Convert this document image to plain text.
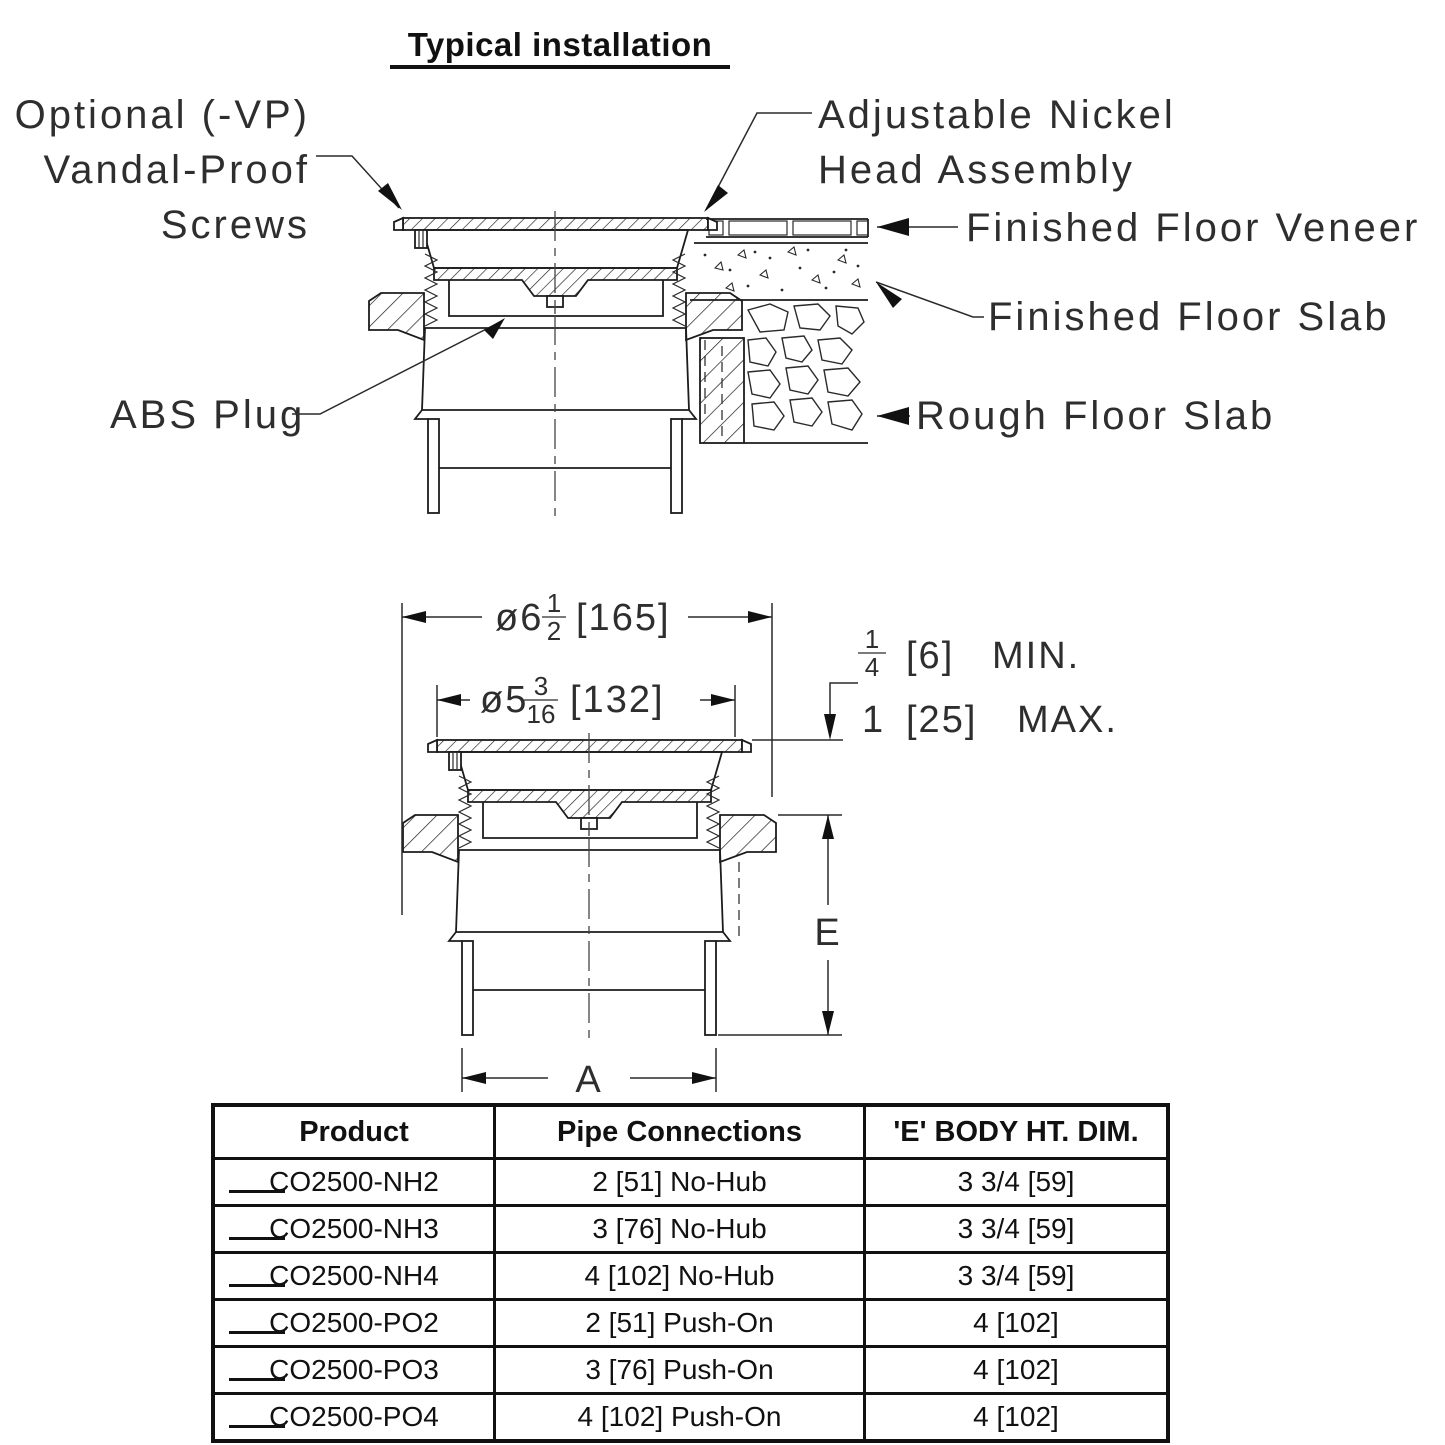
Typical installation
Optional (-VP)
Vandal-Proof
Screws
Adjustable Nickel
Head Assembly
Finished Floor Veneer
Finished Floor Slab
Rough Floor Slab
ABS Plug
ø6 1
2 [165]
ø5 3
16 [132]
1
4 [6] MIN.
1 [25] MAX.
E
A
Product	Pipe Connections	'E' BODY HT. DIM.

CO2500-NH2	2 [51] No-Hub	3 3/4 [59]

CO2500-NH3	3 [76] No-Hub	3 3/4 [59]

CO2500-NH4	4 [102] No-Hub	3 3/4 [59]

CO2500-PO2	2 [51] Push-On	4 [102]

CO2500-PO3	3 [76] Push-On	4 [102]

CO2500-PO4	4 [102] Push-On	4 [102]
